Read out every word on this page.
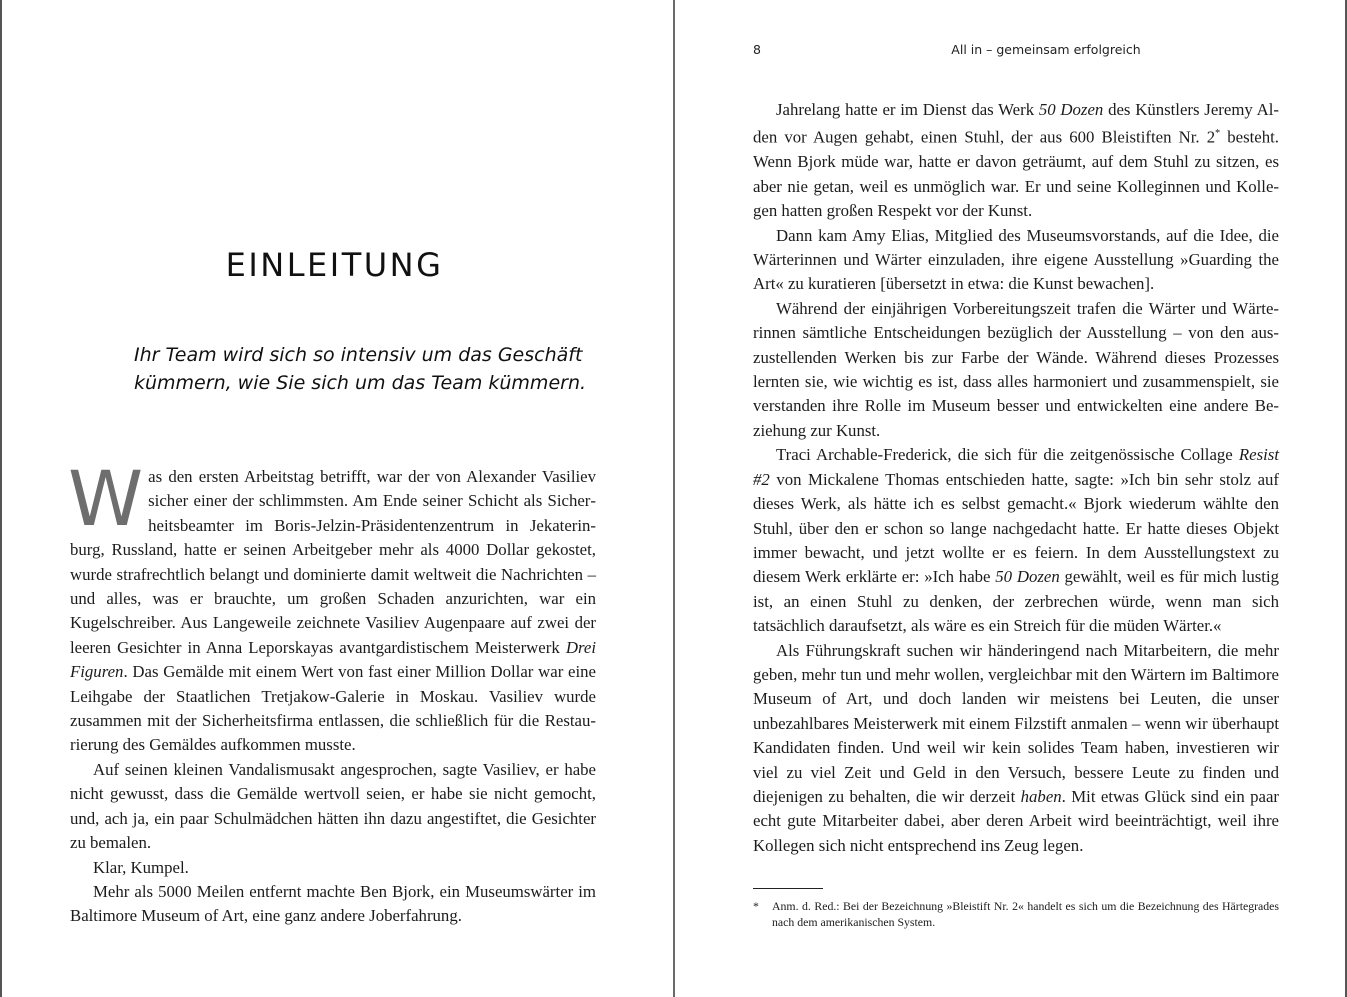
EINLEITUNG
Ihr Team wird sich so intensiv um das Geschäft
kümmern, wie Sie sich um das Team kümmern.

Was den ersten Arbeitstag betrifft, war der von Alexander Vasiliev sicher einer der schlimmsten. Am Ende seiner Schicht als Sicherheitsbeamter im Boris-Jelzin-Präsidentenzentrum in Jekaterinburg, Russland, hatte er seinen Arbeitgeber mehr als 4000 Dollar gekostet, wurde strafrechtlich belangt und dominierte damit weltweit die Nachrichten – und alles, was er brauchte, um großen Schaden anzurichten, war ein Kugelschreiber. Aus Langeweile zeichnete Vasiliev Augenpaare auf zwei der leeren Gesichter in Anna Leporskayas avantgardistischem Meisterwerk Drei Figuren. Das Gemälde mit einem Wert von fast einer Million Dollar war eine Leihgabe der Staatlichen Tretjakow-Galerie in Moskau. Vasiliev wurde zusammen mit der Sicherheitsfirma entlassen, die schließlich für die Restaurierung des Gemäldes aufkommen musste.

Auf seinen kleinen Vandalismusakt angesprochen, sagte Vasiliev, er habe nicht gewusst, dass die Gemälde wertvoll seien, er habe sie nicht gemocht, und, ach ja, ein paar Schulmädchen hätten ihn dazu angestiftet, die Gesichter zu bemalen.

Klar, Kumpel.

Mehr als 5000 Meilen entfernt machte Ben Bjork, ein Museumswärter im Baltimore Museum of Art, eine ganz andere Joberfahrung.

8	All in – gemeinsam erfolgreich

Jahrelang hatte er im Dienst das Werk 50 Dozen des Künstlers Jeremy Alden vor Augen gehabt, einen Stuhl, der aus 600 Bleistiften Nr. 2* besteht. Wenn Bjork müde war, hatte er davon geträumt, auf dem Stuhl zu sitzen, es aber nie getan, weil es unmöglich war. Er und seine Kolleginnen und Kollegen hatten großen Respekt vor der Kunst.

Dann kam Amy Elias, Mitglied des Museumsvorstands, auf die Idee, die Wärterinnen und Wärter einzuladen, ihre eigene Ausstellung »Guarding the Art« zu kuratieren [übersetzt in etwa: die Kunst bewachen].

Während der einjährigen Vorbereitungszeit trafen die Wärter und Wärterinnen sämtliche Entscheidungen bezüglich der Ausstellung – von den auszustellenden Werken bis zur Farbe der Wände. Während dieses Prozesses lernten sie, wie wichtig es ist, dass alles harmoniert und zusammenspielt, sie verstanden ihre Rolle im Museum besser und entwickelten eine andere Beziehung zur Kunst.

Traci Archable-Frederick, die sich für die zeitgenössische Collage Resist #2 von Mickalene Thomas entschieden hatte, sagte: »Ich bin sehr stolz auf dieses Werk, als hätte ich es selbst gemacht.« Bjork wiederum wählte den Stuhl, über den er schon so lange nachgedacht hatte. Er hatte dieses Objekt immer bewacht, und jetzt wollte er es feiern. In dem Ausstellungstext zu diesem Werk erklärte er: »Ich habe 50 Dozen gewählt, weil es für mich lustig ist, an einen Stuhl zu denken, der zerbrechen würde, wenn man sich tatsächlich daraufsetzt, als wäre es ein Streich für die müden Wärter.«

Als Führungskraft suchen wir händeringend nach Mitarbeitern, die mehr geben, mehr tun und mehr wollen, vergleichbar mit den Wärtern im Baltimore Museum of Art, und doch landen wir meistens bei Leuten, die unser unbezahlbares Meisterwerk mit einem Filzstift anmalen – wenn wir überhaupt Kandidaten finden. Und weil wir kein solides Team haben, investieren wir viel zu viel Zeit und Geld in den Versuch, bessere Leute zu finden und diejenigen zu behalten, die wir derzeit haben. Mit etwas Glück sind ein paar echt gute Mitarbeiter dabei, aber deren Arbeit wird beeinträchtigt, weil ihre Kollegen sich nicht entsprechend ins Zeug legen.

* Anm. d. Red.: Bei der Bezeichnung »Bleistift Nr. 2« handelt es sich um die Bezeichnung des Härtegrades nach dem amerikanischen System.
